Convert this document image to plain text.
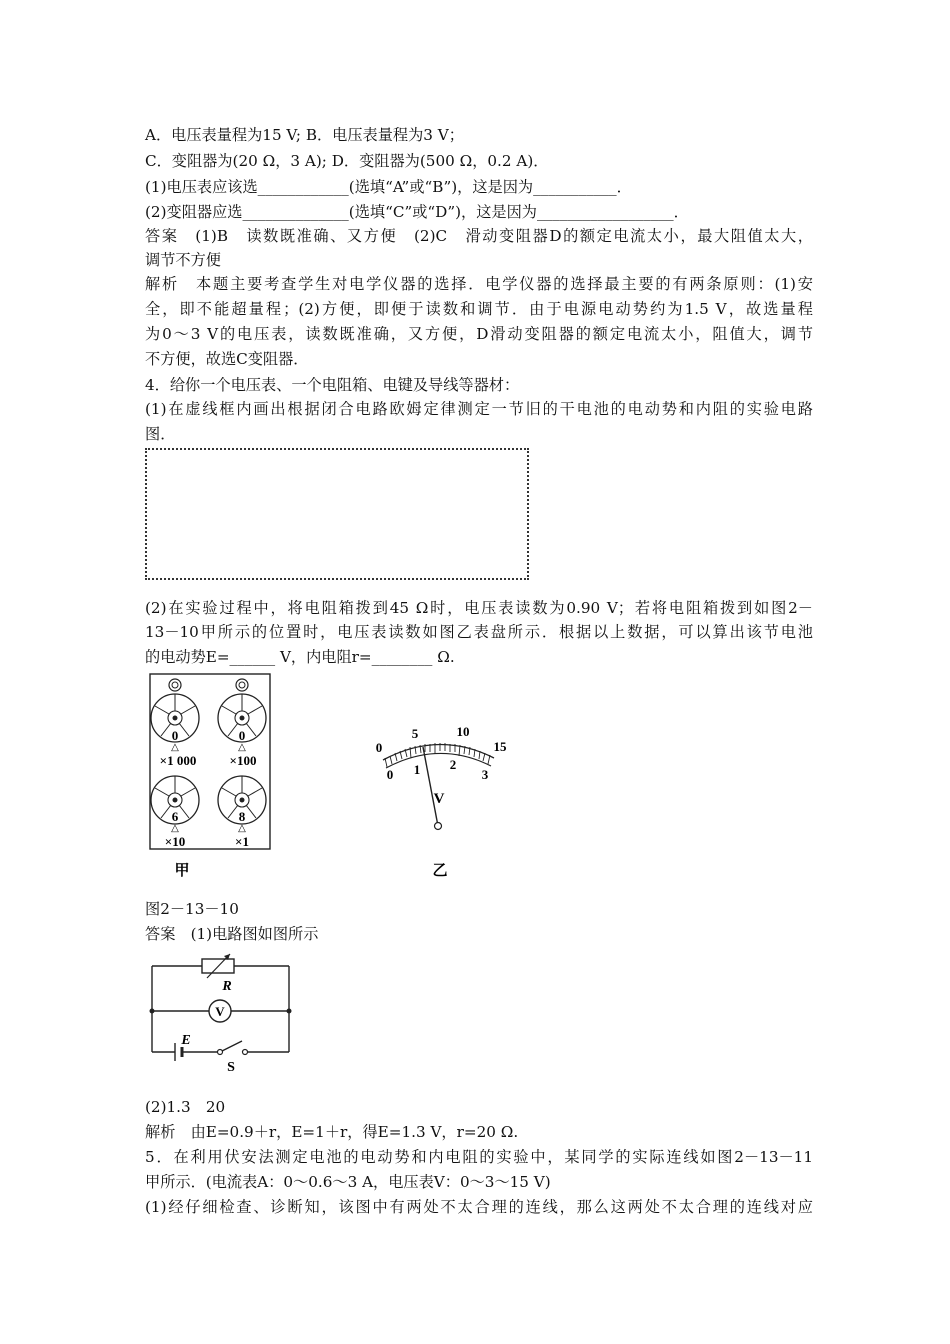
A．电压表量程为15 V; B．电压表量程为3 V；
C．变阻器为(20 Ω，3 A); D．变阻器为(500 Ω，0.2 A)．
(1)电压表应该选____________(选填“A”或“B”)，这是因为___________．
(2)变阻器应选______________(选填“C”或“D”)，这是因为__________________．
答案　(1)B　读数既准确、又方便　(2)C　滑动变阻器D的额定电流太小，最大阻值太大，
调节不方便
解析　本题主要考查学生对电学仪器的选择．电学仪器的选择最主要的有两条原则：(1)安
全，即不能超量程；(2)方便，即便于读数和调节．由于电源电动势约为1.5 V，故选量程
为0～3 V的电压表，读数既准确，又方便，D滑动变阻器的额定电流太小，阻值大，调节
不方便，故选C变阻器．
4．给你一个电压表、一个电阻箱、电键及导线等器材：
(1)在虚线框内画出根据闭合电路欧姆定律测定一节旧的干电池的电动势和内阻的实验电路
图．
(2)在实验过程中，将电阻箱拨到45 Ω时，电压表读数为0.90 V；若将电阻箱拨到如图2－
13－10甲所示的位置时，电压表读数如图乙表盘所示．根据以上数据，可以算出该节电池
的电动势E=______ V，内电阻r=________ Ω.
图2－13－10
答案　(1)电路图如图所示
(2)1.3　20
解析　由E=0.9＋r，E=1＋r，得E=1.3 V，r=20 Ω.
5．在利用伏安法测定电池的电动势和内电阻的实验中，某同学的实际连线如图2－13－11
甲所示．(电流表A：0～0.6～3 A，电压表V：0～3～15 V)
(1)经仔细检查、诊断知，该图中有两处不太合理的连线，那么这两处不太合理的连线对应
0
△
×1 000
0
△
×100
6
△
×10
8
△
×1
甲
0
5	10
15
0 1 2
3
V
乙
R
V
E
S
